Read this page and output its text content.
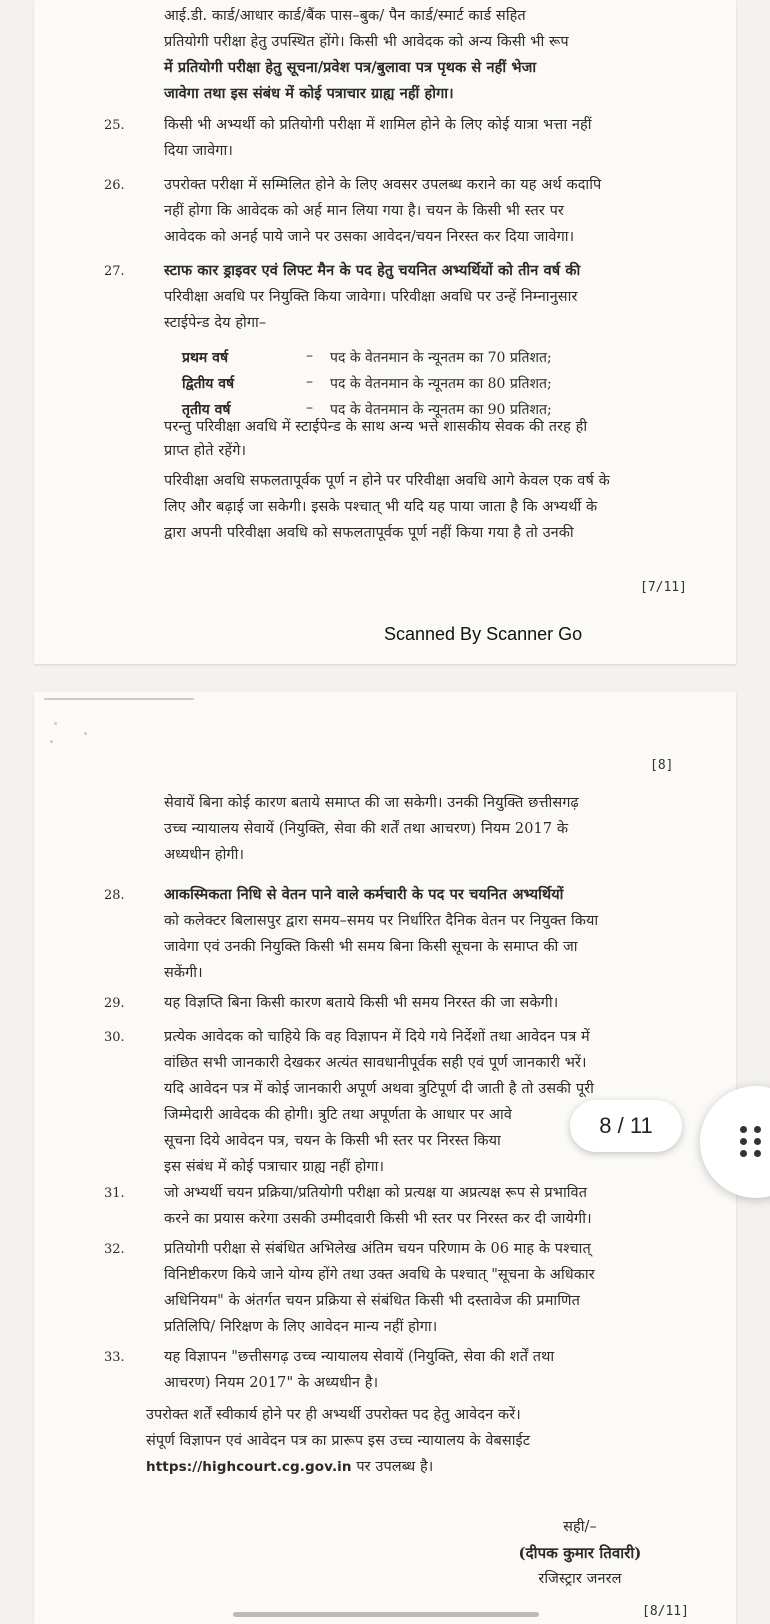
आई.डी. कार्ड/आधार कार्ड/बैंक पास–बुक/ पैन कार्ड/स्मार्ट कार्ड सहित
प्रतियोगी परीक्षा हेतु उपस्थित होंगे। किसी भी आवेदक को अन्य किसी भी रूप
में प्रतियोगी परीक्षा हेतु सूचना/प्रवेश पत्र/बुलावा पत्र पृथक से नहीं भेजा
जावेगा तथा इस संबंध में कोई पत्राचार ग्राह्य नहीं होगा।
25.	किसी भी अभ्यर्थी को प्रतियोगी परीक्षा में शामिल होने के लिए कोई यात्रा भत्ता नहीं
दिया जावेगा।
26.	उपरोक्त परीक्षा में सम्मिलित होने के लिए अवसर उपलब्ध कराने का यह अर्थ कदापि
नहीं होगा कि आवेदक को अर्ह मान लिया गया है। चयन के किसी भी स्तर पर
आवेदक को अनर्ह पाये जाने पर उसका आवेदन/चयन निरस्त कर दिया जावेगा।
27.	स्टाफ कार ड्राइवर एवं लिफ्ट मैन के पद हेतु चयनित अभ्यर्थियों को तीन वर्ष की
परिवीक्षा अवधि पर नियुक्ति किया जावेगा। परिवीक्षा अवधि पर उन्हें निम्नानुसार
स्टाईपेन्ड देय होगा–
प्रथम वर्ष	– पद के वेतनमान के न्यूनतम का 70 प्रतिशत;
द्वितीय वर्ष	– पद के वेतनमान के न्यूनतम का 80 प्रतिशत;
तृतीय वर्ष	– पद के वेतनमान के न्यूनतम का 90 प्रतिशत;
परन्तु परिवीक्षा अवधि में स्टाईपेन्ड के साथ अन्य भत्ते शासकीय सेवक की तरह ही
प्राप्त होते रहेंगे।
परिवीक्षा अवधि सफलतापूर्वक पूर्ण न होने पर परिवीक्षा अवधि आगे केवल एक वर्ष के
लिए और बढ़ाई जा सकेगी। इसके पश्चात् भी यदि यह पाया जाता है कि अभ्यर्थी के
द्वारा अपनी परिवीक्षा अवधि को सफलतापूर्वक पूर्ण नहीं किया गया है तो उनकी
[7/11]
Scanned By Scanner Go
[8]
सेवायें बिना कोई कारण बताये समाप्त की जा सकेगी। उनकी नियुक्ति छत्तीसगढ़
उच्च न्यायालय सेवायें (नियुक्ति, सेवा की शर्तें तथा आचरण) नियम 2017 के
अध्यधीन होगी।
28.	आकस्मिकता निधि से वेतन पाने वाले कर्मचारी के पद पर चयनित अभ्यर्थियों
को कलेक्टर बिलासपुर द्वारा समय–समय पर निर्धारित दैनिक वेतन पर नियुक्त किया
जावेगा एवं उनकी नियुक्ति किसी भी समय बिना किसी सूचना के समाप्त की जा
सकेंगी।
29.	यह विज्ञप्ति बिना किसी कारण बताये किसी भी समय निरस्त की जा सकेगी।
30.	प्रत्येक आवेदक को चाहिये कि वह विज्ञापन में दिये गये निर्देशों तथा आवेदन पत्र में
वांछित सभी जानकारी देखकर अत्यंत सावधानीपूर्वक सही एवं पूर्ण जानकारी भरें।
यदि आवेदन पत्र में कोई जानकारी अपूर्ण अथवा त्रुटिपूर्ण दी जाती है तो उसकी पूरी
जिम्मेदारी आवेदक की होगी। त्रुटि तथा अपूर्णता के आधार पर आवे
सूचना दिये आवेदन पत्र, चयन के किसी भी स्तर पर निरस्त किया
इस संबंध में कोई पत्राचार ग्राह्य नहीं होगा।
31.	जो अभ्यर्थी चयन प्रक्रिया/प्रतियोगी परीक्षा को प्रत्यक्ष या अप्रत्यक्ष रूप से प्रभावित
करने का प्रयास करेगा उसकी उम्मीदवारी किसी भी स्तर पर निरस्त कर दी जायेगी।
32.	प्रतियोगी परीक्षा से संबंधित अभिलेख अंतिम चयन परिणाम के 06 माह के पश्चात्
विनिष्टीकरण किये जाने योग्य होंगे तथा उक्त अवधि के पश्चात् "सूचना के अधिकार
अधिनियम" के अंतर्गत चयन प्रक्रिया से संबंधित किसी भी दस्तावेज की प्रमाणित
प्रतिलिपि/ निरिक्षण के लिए आवेदन मान्य नहीं होगा।
33.	यह विज्ञापन "छत्तीसगढ़ उच्च न्यायालय सेवायें (नियुक्ति, सेवा की शर्तें तथा
आचरण) नियम 2017" के अध्यधीन है।
उपरोक्त शर्तें स्वीकार्य होने पर ही अभ्यर्थी उपरोक्त पद हेतु आवेदन करें।
संपूर्ण विज्ञापन एवं आवेदन पत्र का प्रारूप इस उच्च न्यायालय के वेबसाईट
https://highcourt.cg.gov.in पर उपलब्ध है।
सही/–
(दीपक कुमार तिवारी)
रजिस्ट्रार जनरल
[8/11]
8 / 11
